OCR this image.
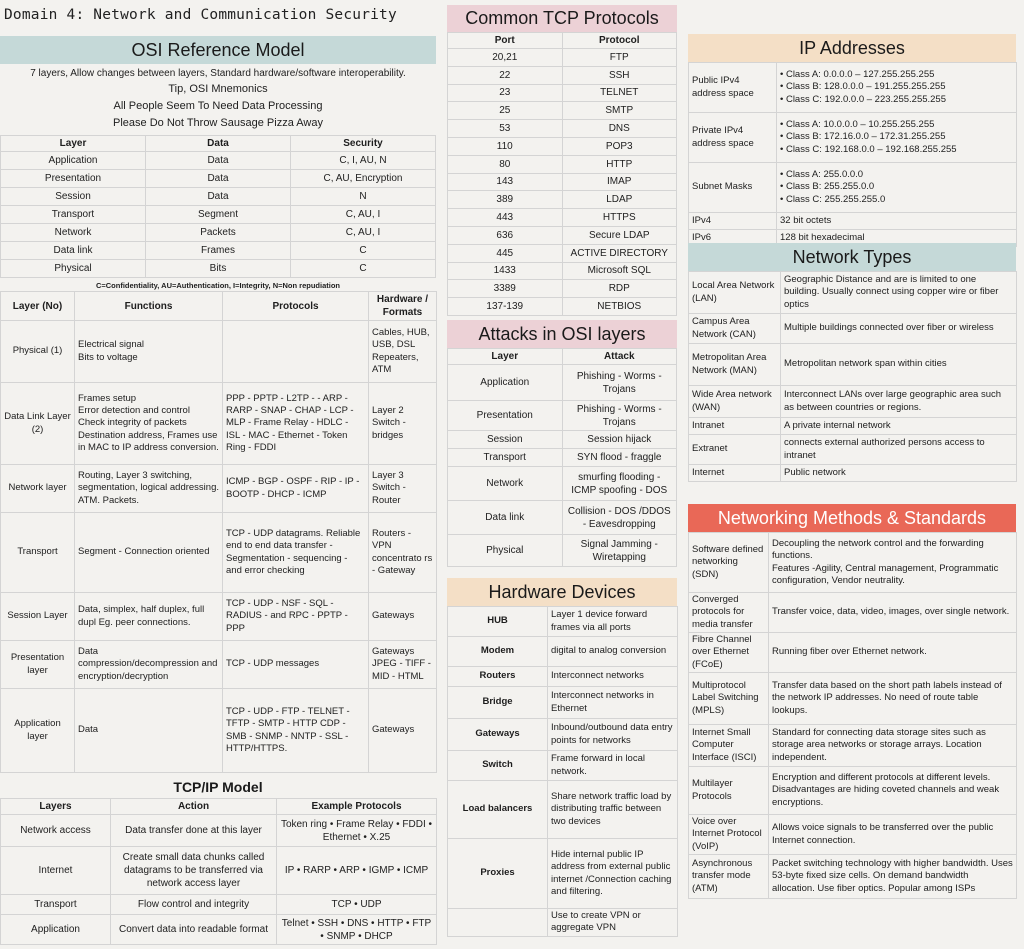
Domain 4: Network and Communication Security
OSI Reference Model
7 layers, Allow changes between layers, Standard hardware/software interoperability.
Tip, OSI Mnemonics
All People Seem To Need Data Processing
Please Do Not Throw Sausage Pizza Away
Layer	Data	Security
Application	Data	C, I, AU, N
Presentation	Data	C, AU, Encryption
Session	Data	N
Transport	Segment	C, AU, I
Network	Packets	C, AU, I
Data link	Frames	C
Physical	Bits	C
C=Confidentiality, AU=Authentication, I=Integrity, N=Non repudiation
Layer (No)	Functions	Protocols	Hardware / Formats
Physical (1)	Electrical signal
Bits to voltage		Cables, HUB, USB, DSL Repeaters, ATM
Data Link Layer (2)	Frames setup
Error detection and control
Check integrity of packets
Destination address, Frames use in MAC to IP address conversion.	PPP - PPTP - L2TP - - ARP - RARP - SNAP - CHAP - LCP - MLP - Frame Relay - HDLC - ISL - MAC - Ethernet - Token Ring - FDDI	Layer 2 Switch - bridges
Network layer	Routing, Layer 3 switching, segmentation, logical addressing. ATM. Packets.	ICMP - BGP - OSPF - RIP - IP - BOOTP - DHCP - ICMP	Layer 3 Switch - Router
Transport	Segment - Connection oriented	TCP - UDP datagrams. Reliable end to end data transfer - Segmentation - sequencing - and error checking	Routers - VPN concentrato rs - Gateway
Session Layer	Data, simplex, half duplex, full dupl Eg. peer connections.	TCP - UDP - NSF - SQL - RADIUS - and RPC - PPTP - PPP	Gateways
Presentation layer	Data compression/decompression and encryption/decryption	TCP - UDP messages	Gateways JPEG - TIFF - MID - HTML
Application layer	Data	TCP - UDP - FTP - TELNET - TFTP - SMTP - HTTP CDP - SMB - SNMP - NNTP - SSL - HTTP/HTTPS.	Gateways
TCP/IP Model
Layers	Action	Example Protocols
Network access	Data transfer done at this layer	Token ring • Frame Relay • FDDI • Ethernet • X.25
Internet	Create small data chunks called datagrams to be transferred via network access layer	IP • RARP • ARP • IGMP • ICMP
Transport	Flow control and integrity	TCP • UDP
Application	Convert data into readable format	Telnet • SSH • DNS • HTTP • FTP • SNMP • DHCP
Common TCP Protocols
Port	Protocol
20,21	FTP
22	SSH
23	TELNET
25	SMTP
53	DNS
110	POP3
80	HTTP
143	IMAP
389	LDAP
443	HTTPS
636	Secure LDAP
445	ACTIVE DIRECTORY
1433	Microsoft SQL
3389	RDP
137-139	NETBIOS
Attacks in OSI layers
Layer	Attack
Application	Phishing - Worms - Trojans
Presentation	Phishing - Worms - Trojans
Session	Session hijack
Transport	SYN flood - fraggle
Network	smurfing flooding - ICMP spoofing - DOS
Data link	Collision - DOS /DDOS - Eavesdropping
Physical	Signal Jamming - Wiretapping
Hardware Devices
HUB	Layer 1 device forward frames via all ports
Modem	digital to analog conversion
Routers	Interconnect networks
Bridge	Interconnect networks in Ethernet
Gateways	Inbound/outbound data entry points for networks
Switch	Frame forward in local network.
Load balancers	Share network traffic load by distributing traffic between two devices
Proxies	Hide internal public IP address from external public internet /Connection caching and filtering.
	Use to create VPN or aggregate VPN
IP Addresses
Public IPv4 address space	• Class A: 0.0.0.0 – 127.255.255.255
• Class B: 128.0.0.0 – 191.255.255.255
• Class C: 192.0.0.0 – 223.255.255.255
Private IPv4 address space	• Class A: 10.0.0.0 – 10.255.255.255
• Class B: 172.16.0.0 – 172.31.255.255
• Class C: 192.168.0.0 – 192.168.255.255
Subnet Masks	• Class A: 255.0.0.0
• Class B: 255.255.0.0
• Class C: 255.255.255.0
IPv4	32 bit octets
IPv6	128 bit hexadecimal
Network Types
Local Area Network (LAN)	Geographic Distance and are is limited to one building. Usually connect using copper wire or fiber optics
Campus Area Network (CAN)	Multiple buildings connected over fiber or wireless
Metropolitan Area Network (MAN)	Metropolitan network span within cities
Wide Area network (WAN)	Interconnect LANs over large geographic area such as between countries or regions.
Intranet	A private internal network
Extranet	connects external authorized persons access to intranet
Internet	Public network
Networking Methods & Standards
Software defined networking (SDN)	Decoupling the network control and the forwarding functions.
Features -Agility, Central management, Programmatic configuration, Vendor neutrality.
Converged protocols for media transfer	Transfer voice, data, video, images, over single network.
Fibre Channel over Ethernet (FCoE)	Running fiber over Ethernet network.
Multiprotocol Label Switching (MPLS)	Transfer data based on the short path labels instead of the network IP addresses. No need of route table lookups.
Internet Small Computer Interface (ISCI)	Standard for connecting data storage sites such as storage area networks or storage arrays. Location independent.
Multilayer Protocols	Encryption and different protocols at different levels. Disadvantages are hiding coveted channels and weak encryptions.
Voice over Internet Protocol (VoIP)	Allows voice signals to be transferred over the public Internet connection.
Asynchronous transfer mode (ATM)	Packet switching technology with higher bandwidth. Uses 53-byte fixed size cells. On demand bandwidth allocation. Use fiber optics. Popular among ISPs
